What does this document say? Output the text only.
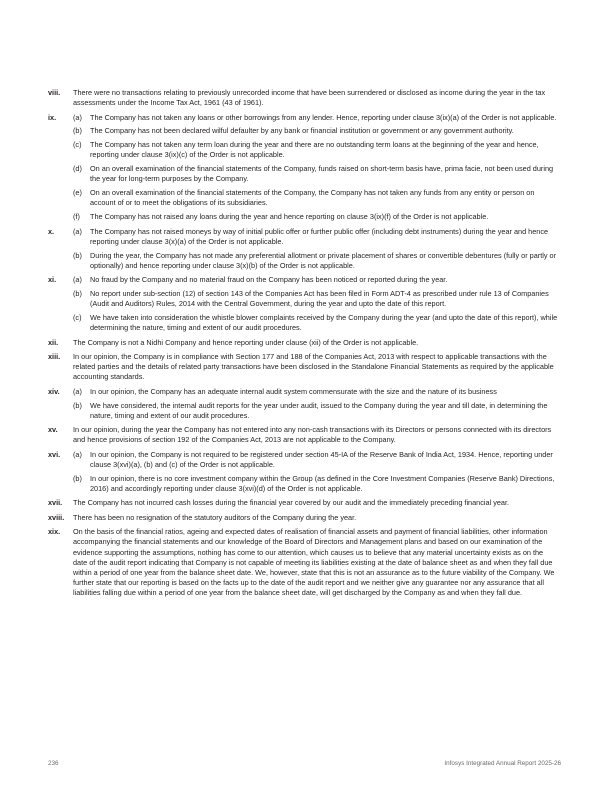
viii.	There were no transactions relating to previously unrecorded income that have been surrendered or disclosed as income during the year in the tax assessments under the Income Tax Act, 1961 (43 of 1961).

ix.	(a)	The Company has not taken any loans or other borrowings from any lender. Hence, reporting under clause 3(ix)(a) of the Order is not applicable.

(b)	The Company has not been declared wilful defaulter by any bank or financial institution or government or any government authority.

(c)	The Company has not taken any term loan during the year and there are no outstanding term loans at the beginning of the year and hence, reporting under clause 3(ix)(c) of the Order is not applicable.

(d)	On an overall examination of the financial statements of the Company, funds raised on short-term basis have, prima facie, not been used during the year for long-term purposes by the Company.

(e)	On an overall examination of the financial statements of the Company, the Company has not taken any funds from any entity or person on account of or to meet the obligations of its subsidiaries.

(f)	The Company has not raised any loans during the year and hence reporting on clause 3(ix)(f) of the Order is not applicable.

x.	(a)	The Company has not raised moneys by way of initial public offer or further public offer (including debt instruments) during the year and hence reporting under clause 3(x)(a) of the Order is not applicable.

(b)	During the year, the Company has not made any preferential allotment or private placement of shares or convertible debentures (fully or partly or optionally) and hence reporting under clause 3(x)(b) of the Order is not applicable.

xi.	(a)	No fraud by the Company and no material fraud on the Company has been noticed or reported during the year.

(b)	No report under sub-section (12) of section 143 of the Companies Act has been filed in Form ADT-4 as prescribed under rule 13 of Companies (Audit and Auditors) Rules, 2014 with the Central Government, during the year and upto the date of this report.

(c)	We have taken into consideration the whistle blower complaints received by the Company during the year (and upto the date of this report), while determining the nature, timing and extent of our audit procedures.

xii.	The Company is not a Nidhi Company and hence reporting under clause (xii) of the Order is not applicable.

xiii.	In our opinion, the Company is in compliance with Section 177 and 188 of the Companies Act, 2013 with respect to applicable transactions with the related parties and the details of related party transactions have been disclosed in the Standalone Financial Statements as required by the applicable accounting standards.

xiv.	(a)	In our opinion, the Company has an adequate internal audit system commensurate with the size and the nature of its business

(b)	We have considered, the internal audit reports for the year under audit, issued to the Company during the year and till date, in determining the nature, timing and extent of our audit procedures.

xv.	In our opinion, during the year the Company has not entered into any non-cash transactions with its Directors or persons connected with its directors and hence provisions of section 192 of the Companies Act, 2013 are not applicable to the Company.

xvi.	(a)	In our opinion, the Company is not required to be registered under section 45-IA of the Reserve Bank of India Act, 1934. Hence, reporting under clause 3(xvi)(a), (b) and (c) of the Order is not applicable.

(b)	In our opinion, there is no core investment company within the Group (as defined in the Core Investment Companies (Reserve Bank) Directions, 2016) and accordingly reporting under clause 3(xvi)(d) of the Order is not applicable.

xvii.	The Company has not incurred cash losses during the financial year covered by our audit and the immediately preceding financial year.

xviii.	There has been no resignation of the statutory auditors of the Company during the year.

xix.	On the basis of the financial ratios, ageing and expected dates of realisation of financial assets and payment of financial liabilities, other information accompanying the financial statements and our knowledge of the Board of Directors and Management plans and based on our examination of the evidence supporting the assumptions, nothing has come to our attention, which causes us to believe that any material uncertainty exists as on the date of the audit report indicating that Company is not capable of meeting its liabilities existing at the date of balance sheet as and when they fall due within a period of one year from the balance sheet date. We, however, state that this is not an assurance as to the future viability of the Company. We further state that our reporting is based on the facts up to the date of the audit report and we neither give any guarantee nor any assurance that all liabilities falling due within a period of one year from the balance sheet date, will get discharged by the Company as and when they fall due.

236	Infosys Integrated Annual Report 2025-26
